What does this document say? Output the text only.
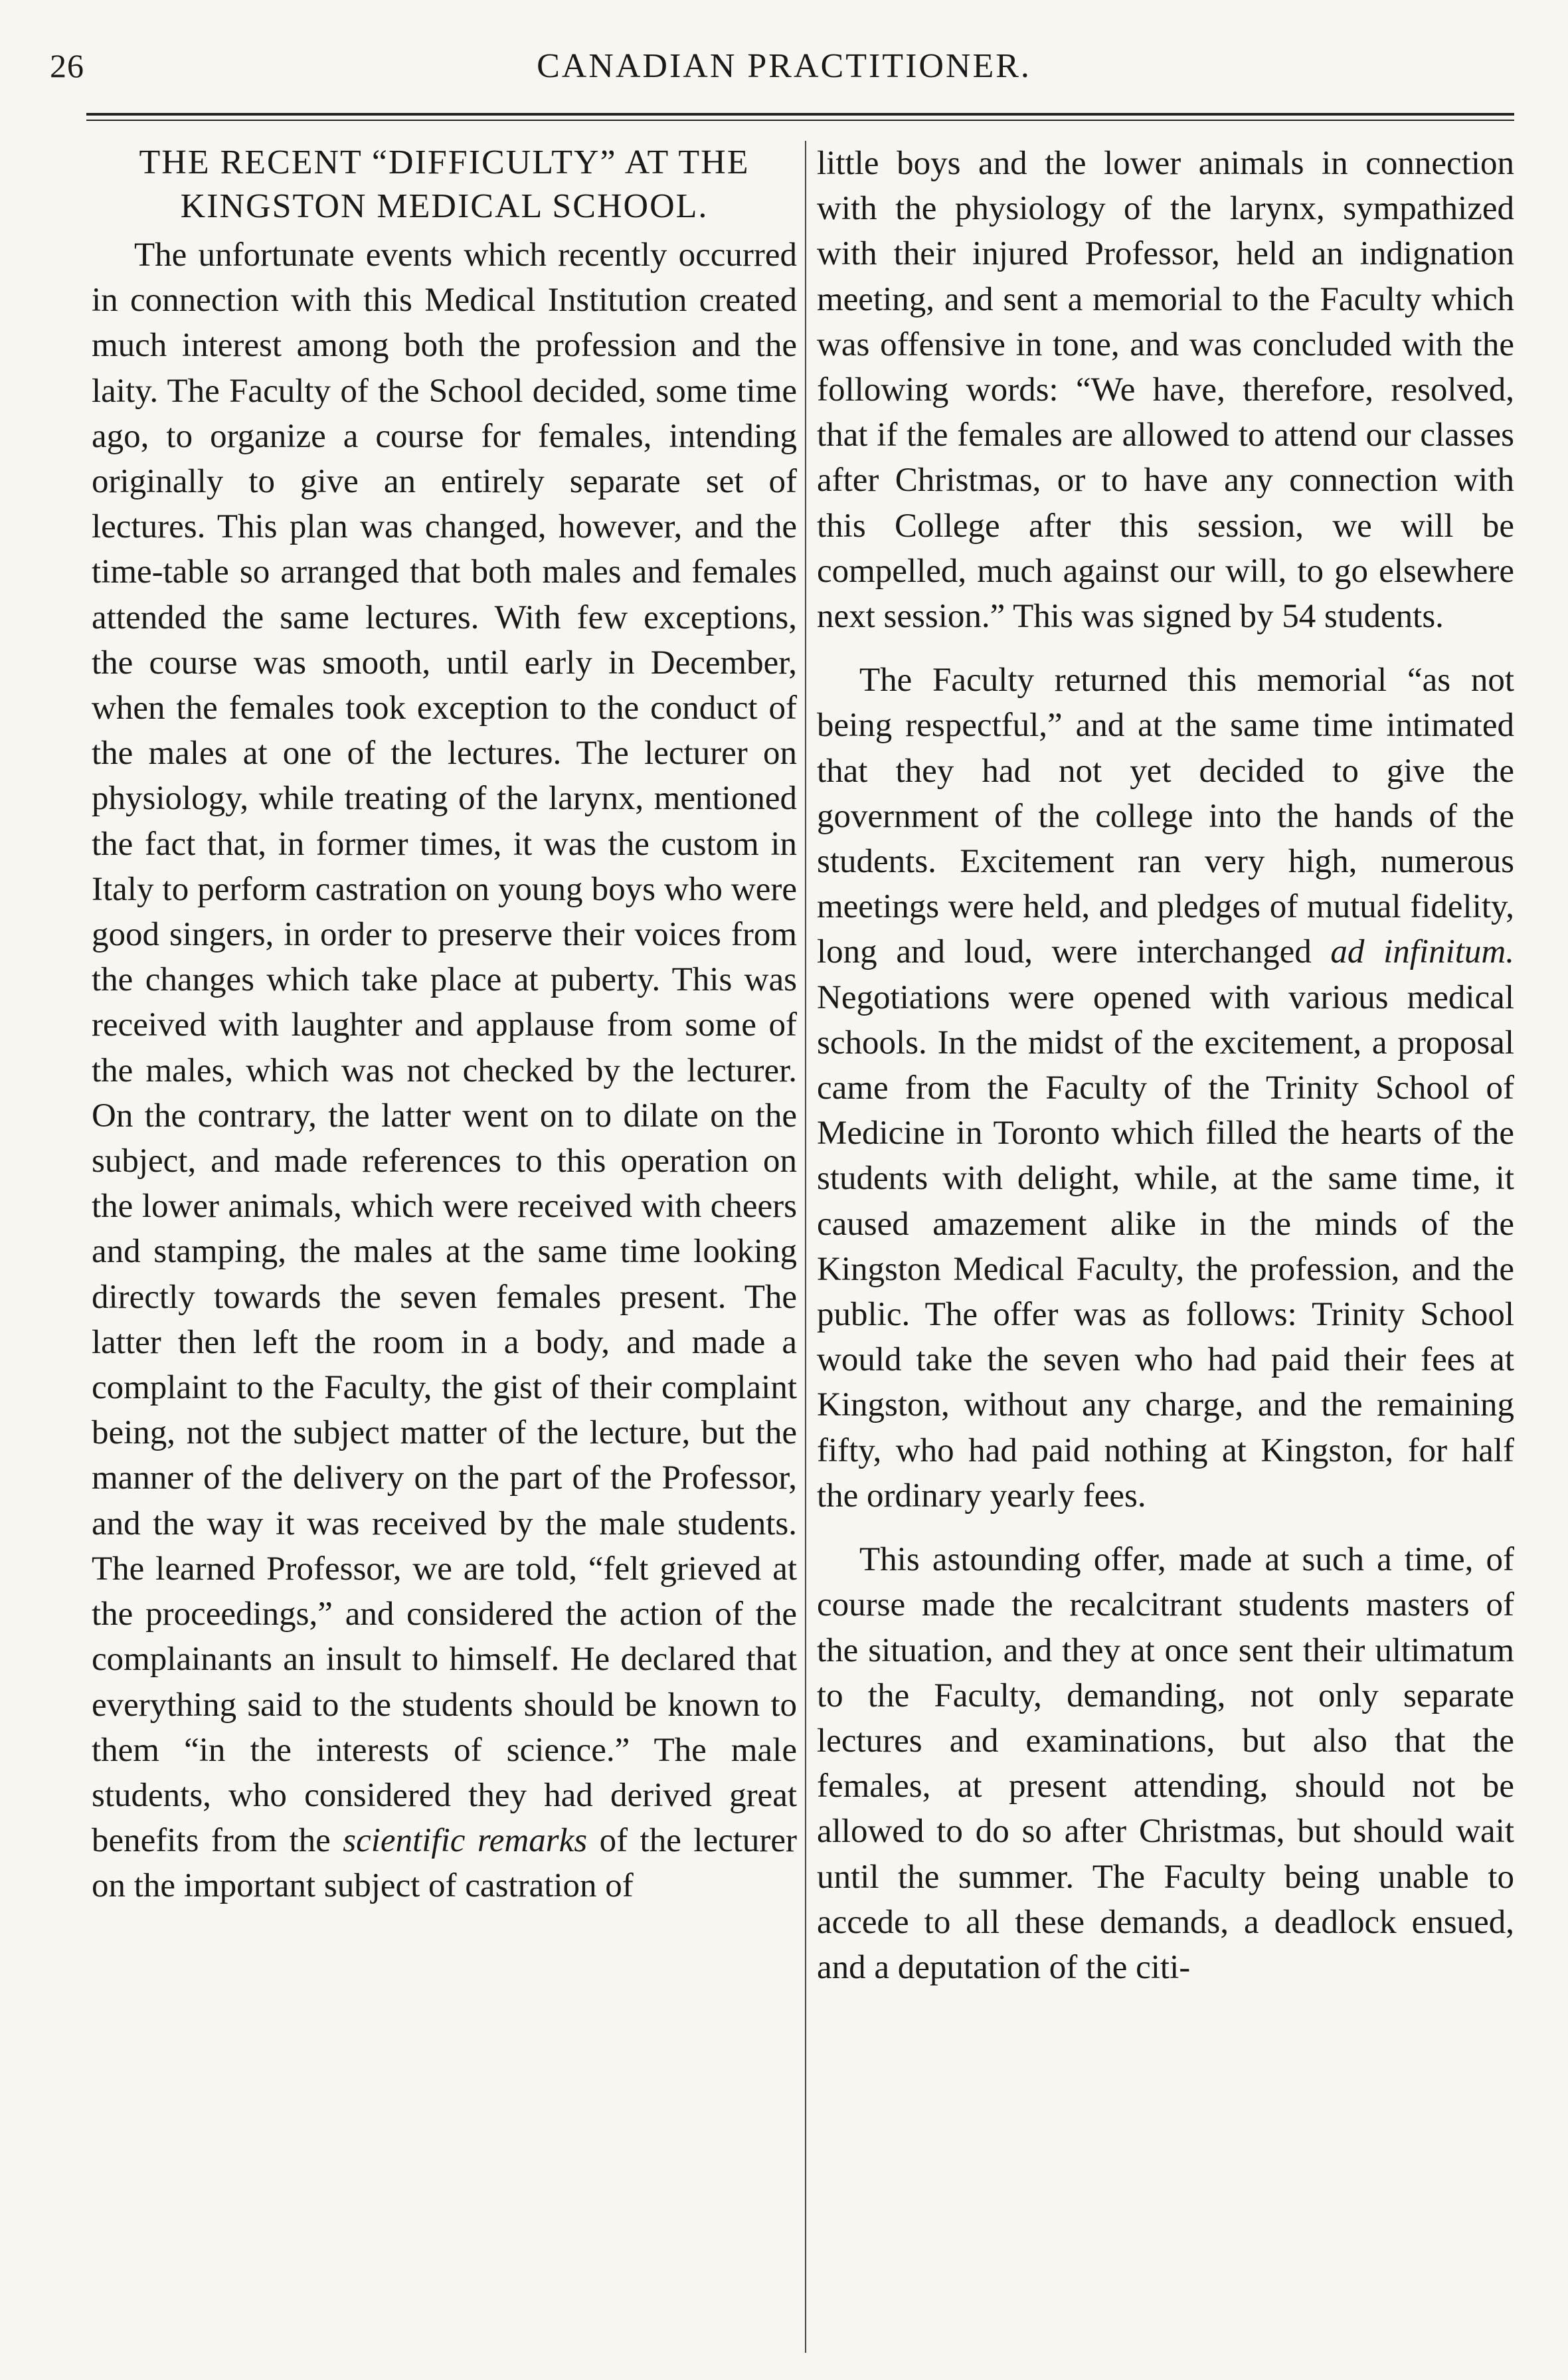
26	CANADIAN PRACTITIONER.
THE RECENT “DIFFICULTY” AT THE KINGSTON MEDICAL SCHOOL.

The unfortunate events which recently occurred in connection with this Medical Institution created much interest among both the profession and the laity. The Faculty of the School decided, some time ago, to organize a course for females, intending originally to give an entirely separate set of lectures. This plan was changed, however, and the time-table so arranged that both males and females attended the same lectures. With few exceptions, the course was smooth, until early in December, when the females took exception to the conduct of the males at one of the lectures. The lecturer on physiology, while treating of the larynx, mentioned the fact that, in former times, it was the custom in Italy to perform castration on young boys who were good singers, in order to preserve their voices from the changes which take place at puberty. This was received with laughter and applause from some of the males, which was not checked by the lecturer. On the contrary, the latter went on to dilate on the subject, and made references to this operation on the lower animals, which were received with cheers and stamping, the males at the same time looking directly towards the seven females present. The latter then left the room in a body, and made a complaint to the Faculty, the gist of their complaint being, not the subject matter of the lecture, but the manner of the delivery on the part of the Professor, and the way it was received by the male students. The learned Professor, we are told, “felt grieved at the proceedings,” and considered the action of the complainants an insult to himself. He declared that everything said to the students should be known to them “in the interests of science.” The male students, who considered they had derived great benefits from the scientific remarks of the lecturer on the important subject of castration of

little boys and the lower animals in connection with the physiology of the larynx, sympathized with their injured Professor, held an indignation meeting, and sent a memorial to the Faculty which was offensive in tone, and was concluded with the following words: “We have, therefore, resolved, that if the females are allowed to attend our classes after Christmas, or to have any connection with this College after this session, we will be compelled, much against our will, to go elsewhere next session.” This was signed by 54 students.

The Faculty returned this memorial “as not being respectful,” and at the same time intimated that they had not yet decided to give the government of the college into the hands of the students. Excitement ran very high, numerous meetings were held, and pledges of mutual fidelity, long and loud, were interchanged ad infinitum. Negotiations were opened with various medical schools. In the midst of the excitement, a proposal came from the Faculty of the Trinity School of Medicine in Toronto which filled the hearts of the students with delight, while, at the same time, it caused amazement alike in the minds of the Kingston Medical Faculty, the profession, and the public. The offer was as follows: Trinity School would take the seven who had paid their fees at Kingston, without any charge, and the remaining fifty, who had paid nothing at Kingston, for half the ordinary yearly fees.

This astounding offer, made at such a time, of course made the recalcitrant students masters of the situation, and they at once sent their ultimatum to the Faculty, demanding, not only separate lectures and examinations, but also that the females, at present attending, should not be allowed to do so after Christmas, but should wait until the summer. The Faculty being unable to accede to all these demands, a deadlock ensued, and a deputation of the citi-
